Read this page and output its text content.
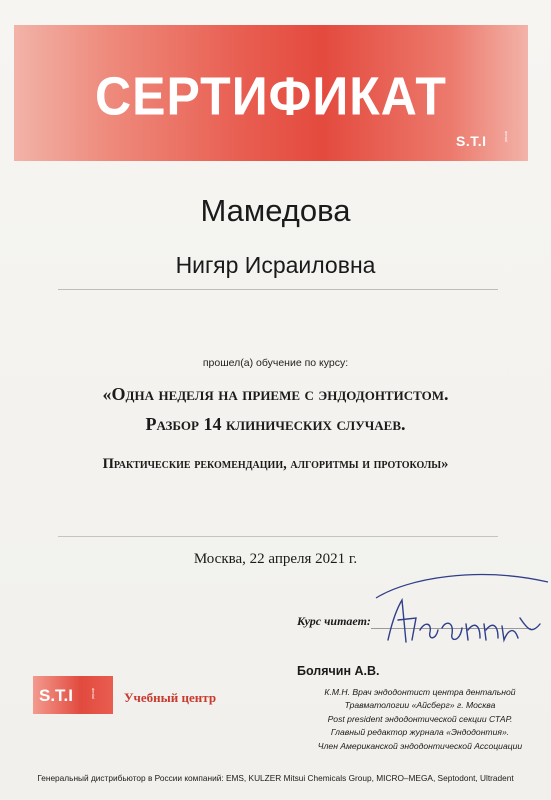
СЕРТИФИКАТ
S.T.I	dental
Мамедова
Нигяр Исраиловна
прошел(а) обучение по курсу:
«Одна неделя на приеме с эндодонтистом.
Разбор 14 клинических случаев.
Практические рекомендации, алгоритмы и протоколы»
Москва, 22 апреля 2021 г.
Курс читает:
Болячин А.В.
К.М.Н. Врач эндодонтист центра дентальной
Травматологии «Айсберг» г. Москва
Post president эндодонтической секции СТАР.
Главный редактор журнала «Эндодонтия».
Член Американской эндодонтической Ассоциации
S.T.I	dental Учебный центр
Генеральный дистрибьютор в России компаний: EMS, KULZER Mitsui Chemicals Group, MICRO–MEGA, Septodont, Ultradent
